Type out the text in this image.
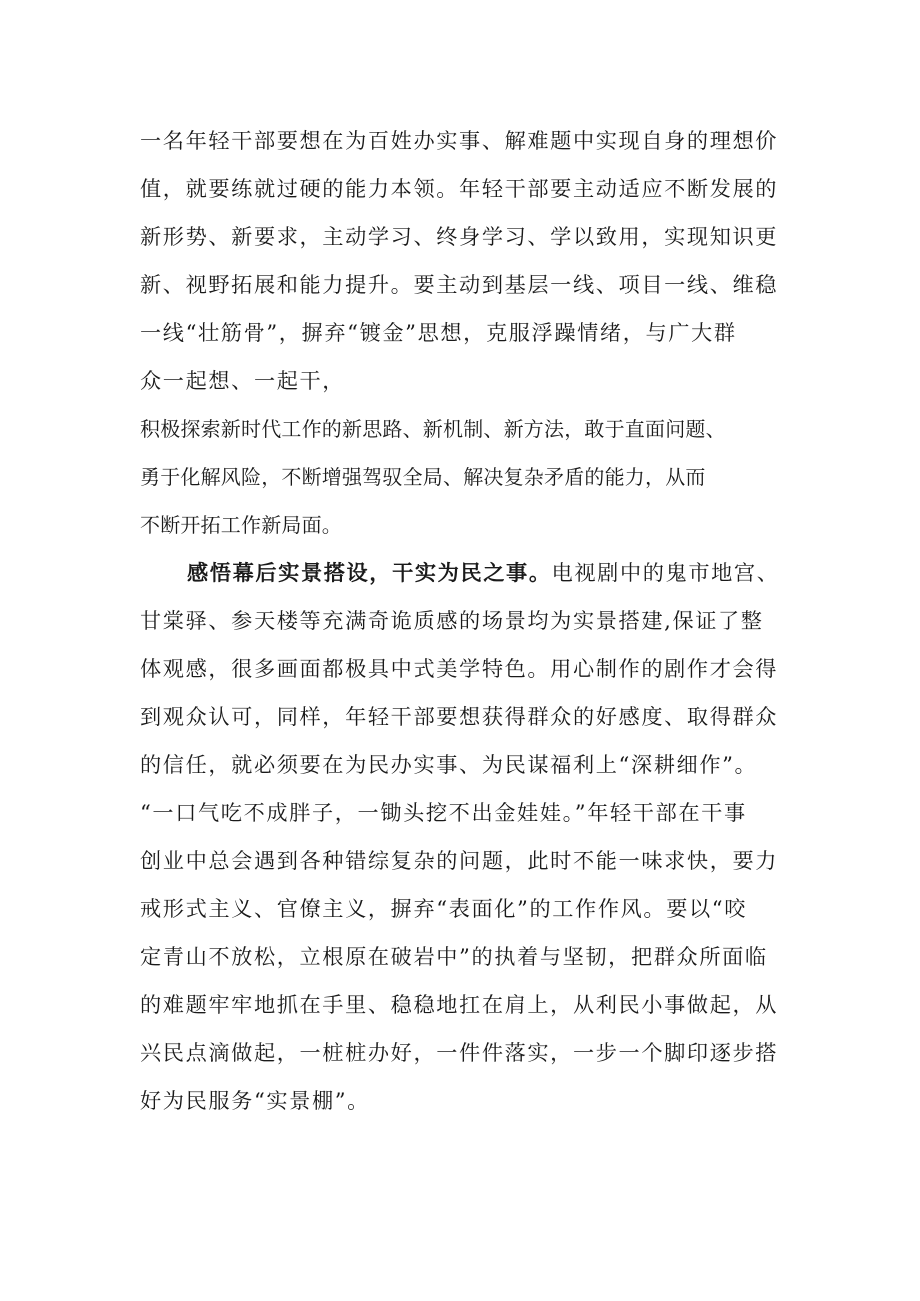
一名年轻干部要想在为百姓办实事、解难题中实现自身的理想价
值，就要练就过硬的能力本领。年轻干部要主动适应不断发展的
新形势、新要求，主动学习、终身学习、学以致用，实现知识更
新、视野拓展和能力提升。要主动到基层一线、项目一线、维稳
一线“壮筋骨”，摒弃“镀金”思想，克服浮躁情绪，与广大群
众一起想、一起干，
积极探索新时代工作的新思路、新机制、新方法，敢于直面问题、
勇于化解风险，不断增强驾驭全局、解决复杂矛盾的能力，从而
不断开拓工作新局面。
感悟幕后实景搭设，干实为民之事。电视剧中的鬼市地宫、
甘棠驿、参天楼等充满奇诡质感的场景均为实景搭建,保证了整
体观感，很多画面都极具中式美学特色。用心制作的剧作才会得
到观众认可，同样，年轻干部要想获得群众的好感度、取得群众
的信任，就必须要在为民办实事、为民谋福利上“深耕细作”。
“一口气吃不成胖子，一锄头挖不出金娃娃。”年轻干部在干事
创业中总会遇到各种错综复杂的问题，此时不能一味求快，要力
戒形式主义、官僚主义，摒弃“表面化”的工作作风。要以“咬
定青山不放松，立根原在破岩中”的执着与坚韧，把群众所面临
的难题牢牢地抓在手里、稳稳地扛在肩上，从利民小事做起，从
兴民点滴做起，一桩桩办好，一件件落实，一步一个脚印逐步搭
好为民服务“实景棚”。
